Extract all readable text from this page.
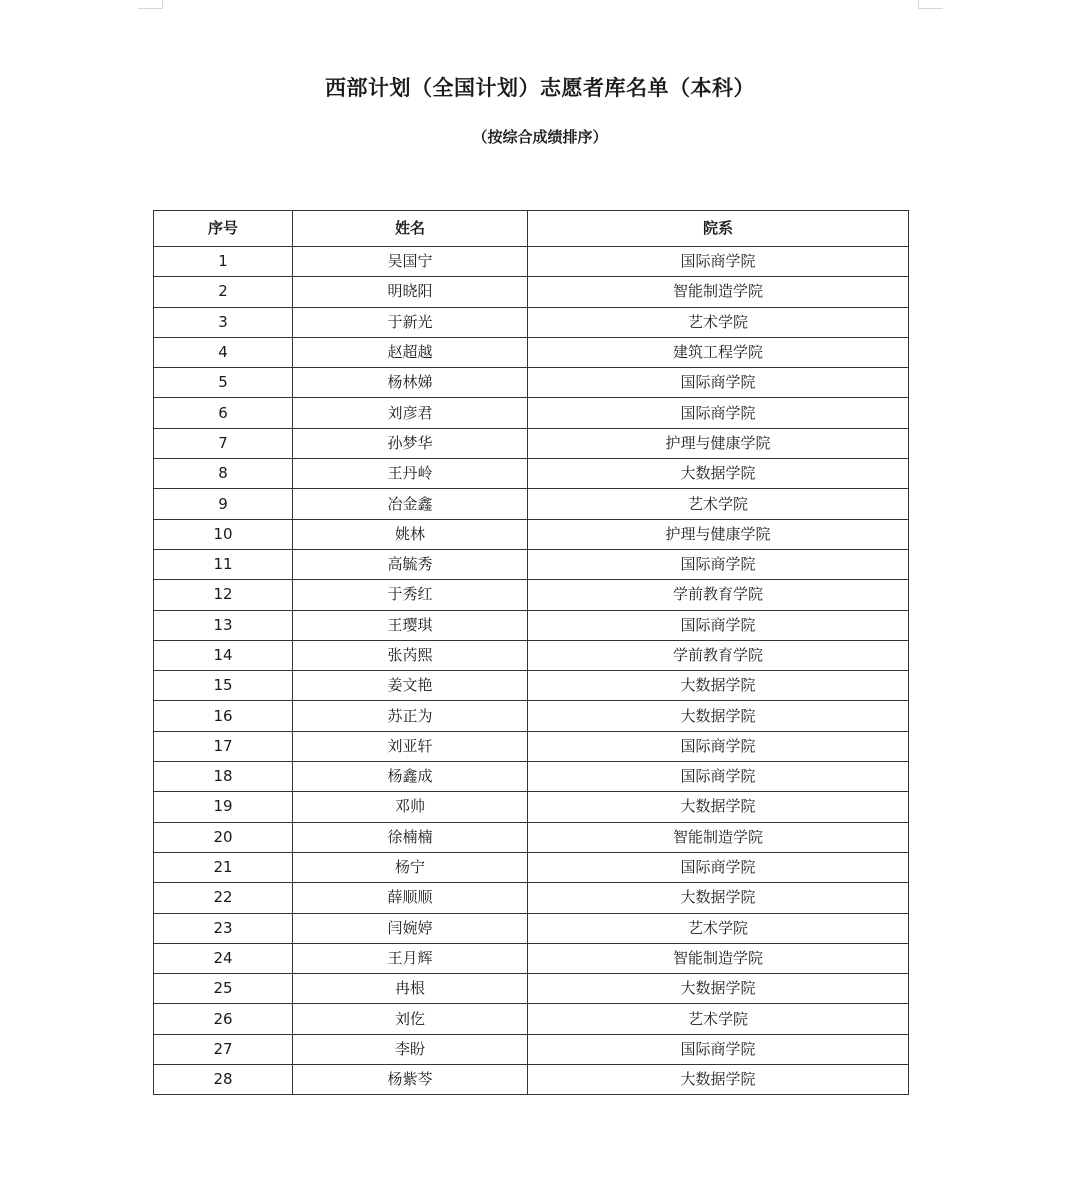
西部计划（全国计划）志愿者库名单（本科）
（按综合成绩排序）
序号	姓名	院系
1	吴国宁	国际商学院
2	明晓阳	智能制造学院
3	于新光	艺术学院
4	赵超越	建筑工程学院
5	杨林娣	国际商学院
6	刘彦君	国际商学院
7	孙梦华	护理与健康学院
8	王丹岭	大数据学院
9	冶金鑫	艺术学院
10	姚林	护理与健康学院
11	高毓秀	国际商学院
12	于秀红	学前教育学院
13	王璎琪	国际商学院
14	张芮熙	学前教育学院
15	姜文艳	大数据学院
16	苏正为	大数据学院
17	刘亚轩	国际商学院
18	杨鑫成	国际商学院
19	邓帅	大数据学院
20	徐楠楠	智能制造学院
21	杨宁	国际商学院
22	薛顺顺	大数据学院
23	闫婉婷	艺术学院
24	王月辉	智能制造学院
25	冉根	大数据学院
26	刘仡	艺术学院
27	李盼	国际商学院
28	杨紫芩	大数据学院
